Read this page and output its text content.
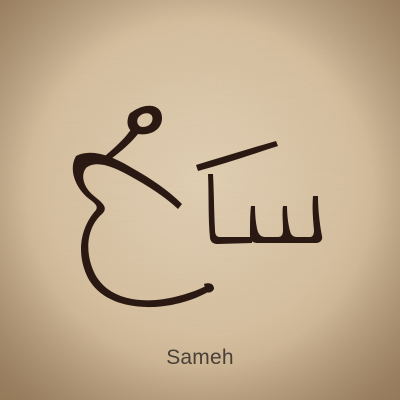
Sameh
